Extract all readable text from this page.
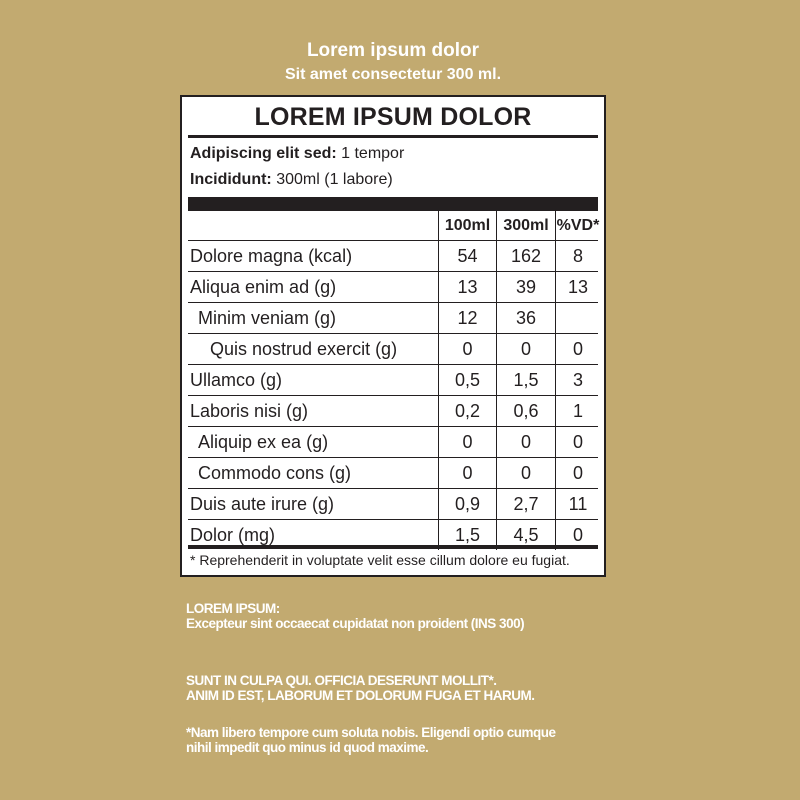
Lorem ipsum dolor
Sit amet consectetur 300 ml.
LOREM IPSUM DOLOR
Adipiscing elit sed: 1 tempor
Incididunt: 300ml (1 labore)
100ml 300ml %VD*
Dolore magna (kcal)	54	162	8
Aliqua enim ad (g)	13	39	13
Minim veniam (g)	12	36
Quis nostrud exercit (g)	0	0	0
Ullamco (g)	0,5	1,5	3
Laboris nisi (g)	0,2	0,6	1
Aliquip ex ea (g)	0	0	0
Commodo cons (g)	0	0	0
Duis aute irure (g)	0,9	2,7	11
Dolor (mg)	1,5	4,5	0
* Reprehenderit in voluptate velit esse cillum dolore eu fugiat.
LOREM IPSUM:
Excepteur sint occaecat cupidatat non proident (INS 300)
SUNT IN CULPA QUI. OFFICIA DESERUNT MOLLIT*.
ANIM ID EST, LABORUM ET DOLORUM FUGA ET HARUM.
*Nam libero tempore cum soluta nobis. Eligendi optio cumque
nihil impedit quo minus id quod maxime.
